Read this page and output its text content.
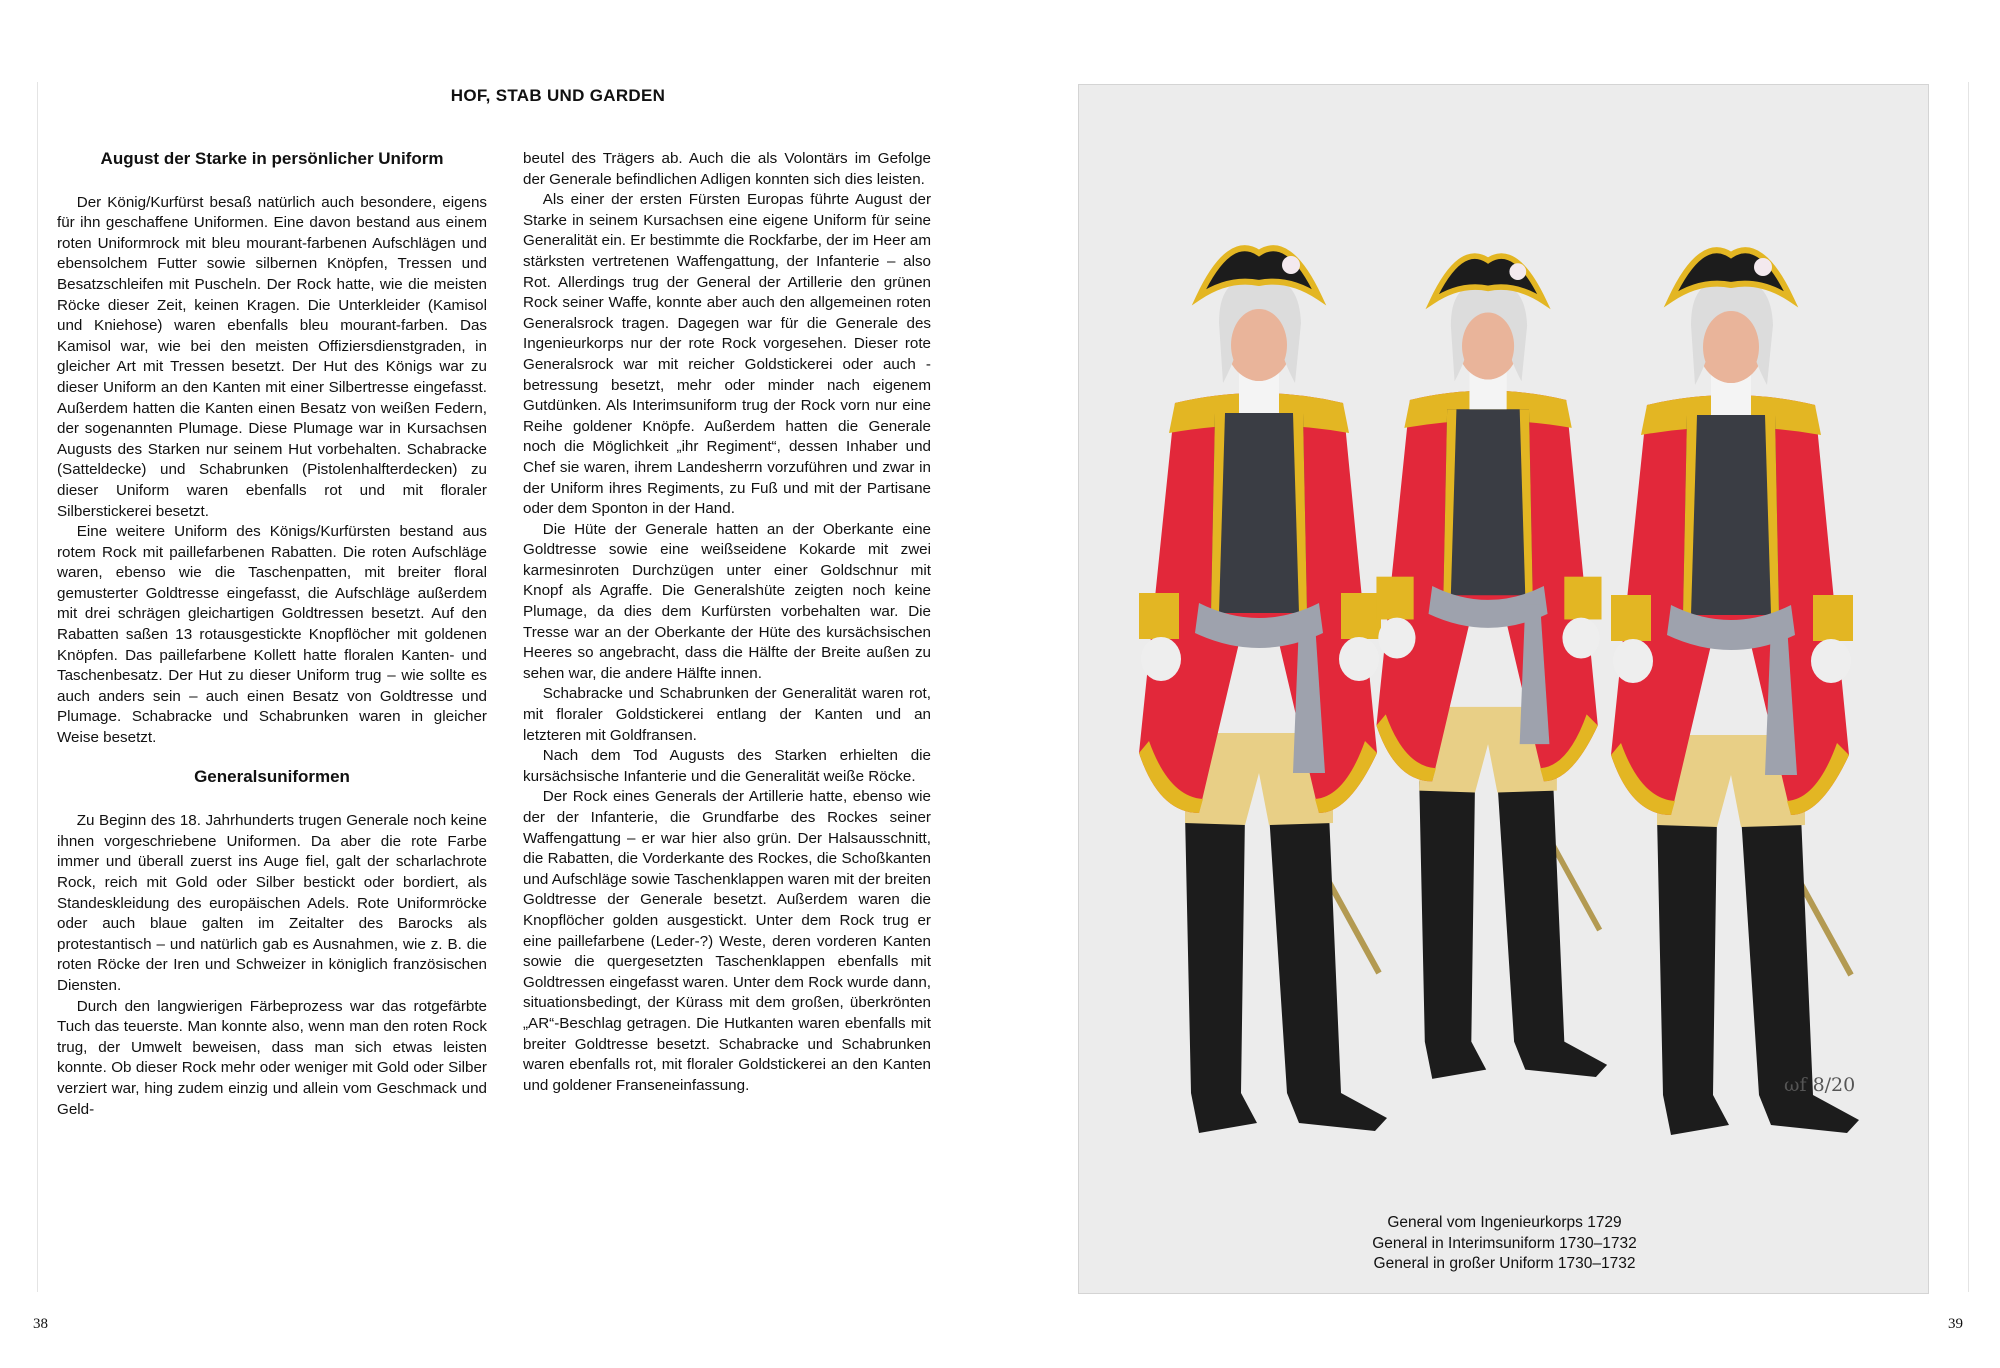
HOF, STAB UND GARDEN
August der Starke in persönlicher Uniform

Der König/Kurfürst besaß natürlich auch besondere, eigens für ihn geschaffene Uniformen. Eine davon bestand aus einem roten Uniformrock mit bleu mourant-farbenen Aufschlägen und ebensolchem Futter sowie silbernen Knöpfen, Tressen und Besatzschleifen mit Puscheln. Der Rock hatte, wie die meisten Röcke dieser Zeit, keinen Kragen. Die Unterkleider (Kamisol und Kniehose) waren ebenfalls bleu mourant-farben. Das Kamisol war, wie bei den meisten Offiziersdienstgraden, in gleicher Art mit Tressen besetzt. Der Hut des Königs war zu dieser Uniform an den Kanten mit einer Silbertresse eingefasst. Außerdem hatten die Kanten einen Besatz von weißen Federn, der sogenannten Plumage. Diese Plumage war in Kursachsen Augusts des Starken nur seinem Hut vorbehalten. Schabracke (Satteldecke) und Schabrunken (Pistolenhalfterdecken) zu dieser Uniform waren ebenfalls rot und mit floraler Silberstickerei besetzt.

Eine weitere Uniform des Königs/Kurfürsten bestand aus rotem Rock mit paillefarbenen Rabatten. Die roten Aufschläge waren, ebenso wie die Taschenpatten, mit breiter floral gemusterter Goldtresse eingefasst, die Aufschläge außerdem mit drei schrägen gleichartigen Goldtressen besetzt. Auf den Rabatten saßen 13 rotausgestickte Knopflöcher mit goldenen Knöpfen. Das paillefarbene Kollett hatte floralen Kanten- und Taschenbesatz. Der Hut zu dieser Uniform trug – wie sollte es auch anders sein – auch einen Besatz von Goldtresse und Plumage. Schabracke und Schabrunken waren in gleicher Weise besetzt.

Generalsuniformen

Zu Beginn des 18. Jahrhunderts trugen Generale noch keine ihnen vorgeschriebene Uniformen. Da aber die rote Farbe immer und überall zuerst ins Auge fiel, galt der scharlachrote Rock, reich mit Gold oder Silber bestickt oder bordiert, als Standeskleidung des europäischen Adels. Rote Uniformröcke oder auch blaue galten im Zeitalter des Barocks als protestantisch – und natürlich gab es Ausnahmen, wie z. B. die roten Röcke der Iren und Schweizer in königlich französischen Diensten.

Durch den langwierigen Färbeprozess war das rotgefärbte Tuch das teuerste. Man konnte also, wenn man den roten Rock trug, der Umwelt beweisen, dass man sich etwas leisten konnte. Ob dieser Rock mehr oder weniger mit Gold oder Silber verziert war, hing zudem einzig und allein vom Geschmack und Geld-

beutel des Trägers ab. Auch die als Volontärs im Gefolge der Generale befindlichen Adligen konnten sich dies leisten.

Als einer der ersten Fürsten Europas führte August der Starke in seinem Kursachsen eine eigene Uniform für seine Generalität ein. Er bestimmte die Rockfarbe, der im Heer am stärksten vertretenen Waffengattung, der Infanterie – also Rot. Allerdings trug der General der Artillerie den grünen Rock seiner Waffe, konnte aber auch den allgemeinen roten Generalsrock tragen. Dagegen war für die Generale des Ingenieurkorps nur der rote Rock vorgesehen. Dieser rote Generalsrock war mit reicher Goldstickerei oder auch -betressung besetzt, mehr oder minder nach eigenem Gutdünken. Als Interimsuniform trug der Rock vorn nur eine Reihe goldener Knöpfe. Außerdem hatten die Generale noch die Möglichkeit „ihr Regiment“, dessen Inhaber und Chef sie waren, ihrem Landesherrn vorzuführen und zwar in der Uniform ihres Regiments, zu Fuß und mit der Partisane oder dem Sponton in der Hand.

Die Hüte der Generale hatten an der Oberkante eine Goldtresse sowie eine weißseidene Kokarde mit zwei karmesinroten Durchzügen unter einer Goldschnur mit Knopf als Agraffe. Die Generalshüte zeigten noch keine Plumage, da dies dem Kurfürsten vorbehalten war. Die Tresse war an der Oberkante der Hüte des kursächsischen Heeres so angebracht, dass die Hälfte der Breite außen zu sehen war, die andere Hälfte innen.

Schabracke und Schabrunken der Generalität waren rot, mit floraler Goldstickerei entlang der Kanten und an letzteren mit Goldfransen.

Nach dem Tod Augusts des Starken erhielten die kursächsische Infanterie und die Generalität weiße Röcke.

Der Rock eines Generals der Artillerie hatte, ebenso wie der der Infanterie, die Grundfarbe des Rockes seiner Waffengattung – er war hier also grün. Der Halsausschnitt, die Rabatten, die Vorderkante des Rockes, die Schoßkanten und Aufschläge sowie Taschenklappen waren mit der breiten Goldtresse der Generale besetzt. Außerdem waren die Knopflöcher golden ausgestickt. Unter dem Rock trug er eine paillefarbene (Leder-?) Weste, deren vorderen Kanten sowie die quergesetzten Taschenklappen ebenfalls mit Goldtressen eingefasst waren. Unter dem Rock wurde dann, situationsbedingt, der Kürass mit dem großen, überkrönten „AR“-Beschlag getragen. Die Hutkanten waren ebenfalls mit breiter Goldtresse besetzt. Schabracke und Schabrunken waren ebenfalls rot, mit floraler Goldstickerei an den Kanten und goldener Franseneinfassung.

38	39
ωf 8/20
General vom Ingenieurkorps 1729
General in Interimsuniform 1730–1732
General in großer Uniform 1730–1732
